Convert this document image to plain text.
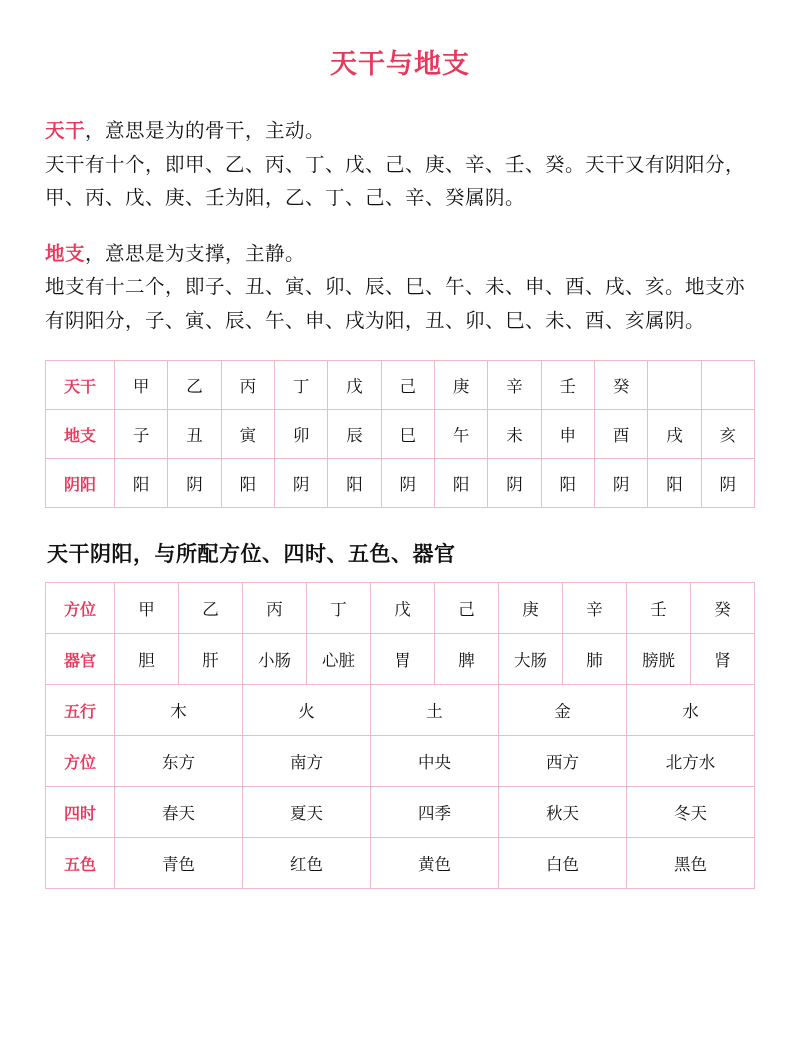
天干与地支

天干，意思是为的骨干，主动。
天干有十个，即甲、乙、丙、丁、戊、己、庚、辛、壬、癸。天干又有阴阳分，甲、丙、戊、庚、壬为阳，乙、丁、己、辛、癸属阴。

地支，意思是为支撑，主静。
地支有十二个，即子、丑、寅、卯、辰、巳、午、未、申、酉、戌、亥。地支亦有阴阳分，子、寅、辰、午、申、戌为阳，丑、卯、巳、未、酉、亥属阴。

天干	甲	乙	丙	丁	戊	己	庚	辛	壬	癸		
地支	子	丑	寅	卯	辰	巳	午	未	申	酉	戌	亥
阴阳	阳	阴	阳	阴	阳	阴	阳	阴	阳	阴	阳	阴
天干阴阳，与所配方位、四时、五色、器官
方位	甲	乙	丙	丁	戊	己	庚	辛	壬	癸
器官	胆	肝	小肠	心脏	胃	脾	大肠	肺	膀胱	肾
五行	木		火		土		金		水	
方位	东方		南方		中央		西方		北方水	
四时	春天		夏天		四季		秋天		冬天	
五色	青色		红色		黄色		白色		黑色	
